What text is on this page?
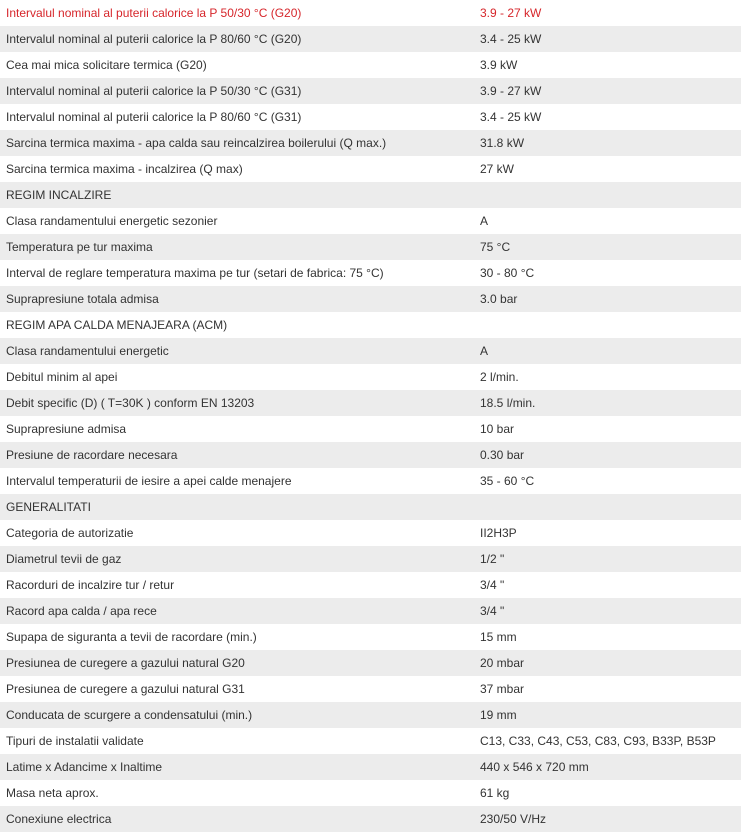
Intervalul nominal al puterii calorice la P 50/30 °C (G20)	3.9 - 27 kW
Intervalul nominal al puterii calorice la P 80/60 °C (G20)	3.4 - 25 kW
Cea mai mica solicitare termica (G20)	3.9 kW
Intervalul nominal al puterii calorice la P 50/30 °C (G31)	3.9 - 27 kW
Intervalul nominal al puterii calorice la P 80/60 °C (G31)	3.4 - 25 kW
Sarcina termica maxima - apa calda sau reincalzirea boilerului (Q max.)	31.8 kW
Sarcina termica maxima - incalzirea (Q max)	27 kW
REGIM INCALZIRE	
Clasa randamentului energetic sezonier	A
Temperatura pe tur maxima	75 °C
Interval de reglare temperatura maxima pe tur (setari de fabrica: 75 °C)	30 - 80 °C
Suprapresiune totala admisa	3.0 bar
REGIM APA CALDA MENAJEARA (ACM)	
Clasa randamentului energetic	A
Debitul minim al apei	2 l/min.
Debit specific (D) ( T=30K ) conform EN 13203	18.5 l/min.
Suprapresiune admisa	10 bar
Presiune de racordare necesara	0.30 bar
Intervalul temperaturii de iesire a apei calde menajere	35 - 60 °C
GENERALITATI	
Categoria de autorizatie	II2H3P
Diametrul tevii de gaz	1/2 "
Racorduri de incalzire tur / retur	3/4 "
Racord apa calda / apa rece	3/4 "
Supapa de siguranta a tevii de racordare (min.)	15 mm
Presiunea de curegere a gazului natural G20	20 mbar
Presiunea de curegere a gazului natural G31	37 mbar
Conducata de scurgere a condensatului (min.)	19 mm
Tipuri de instalatii validate	C13, C33, C43, C53, C83, C93, B33P, B53P
Latime x Adancime x Inaltime	440 x 546 x 720 mm
Masa neta aprox.	61 kg
Conexiune electrica	230/50 V/Hz
